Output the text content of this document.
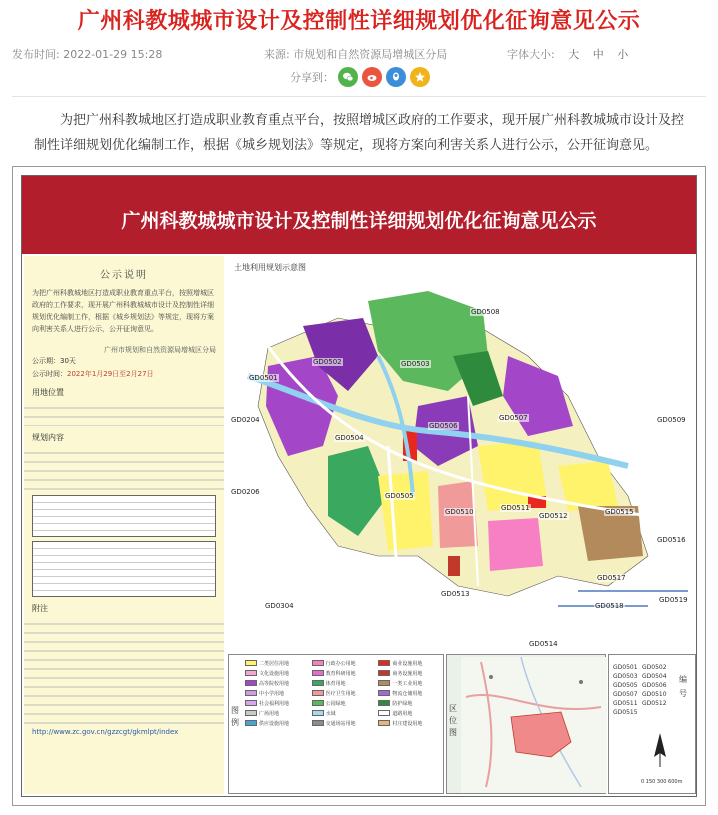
广州科教城城市设计及控制性详细规划优化征询意见公示
发布时间: 2022-01-29 15:28	来源: 市规划和自然资源局增城区分局	字体大小: 大 中 小
分享到：

为把广州科教城地区打造成职业教育重点平台，按照增城区政府的工作要求，现开展广州科教城城市设计及控制性详细规划优化编制工作，根据《城乡规划法》等规定，现将方案向利害关系人进行公示，公开征询意见。

广州科教城城市设计及控制性详细规划优化征询意见公示
公示说明
为把广州科教城地区打造成职业教育重点平台，按照增城区政府的工作要求，现开展广州科教城城市设计及控制性详细规划优化编制工作，根据《城乡规划法》等规定，现将方案向利害关系人进行公示，公开征询意见。
广州市规划和自然资源局增城区分局
公示期：30天
公示时间：2022年1月29日至2月27日
用地位置
规划内容
附注
http://www.zc.gov.cn/gzzcgt/gkmlpt/index
土地利用规划示意图
GD0508
GD0501
GD0502	GD0503
GD0204
GD0504
GD0506
GD0507	GD0509
GD0206	GD0505
GD0510	GD0511
GD0512	GD0515
GD0516
GD0517
GD0513
GD0304	GD0518
GD0519
GD0514
图 例
二类居住用地	行政办公用地	商业设施用地
文化设施用地	教育科研用地	商务设施用地
高等院校用地	体育用地	一类工业用地
中小学用地	医疗卫生用地	物流仓储用地
社会福利用地	公园绿地	防护绿地
广场用地	水域	道路用地
供应设施用地	交通场站用地	村庄建设用地
区 位 图
GD0501 GD0502
GD0503 GD0504
GD0505 GD0506
GD0507 GD0510
GD0511 GD0512
GD0515
编 号
0 150 300 600m
